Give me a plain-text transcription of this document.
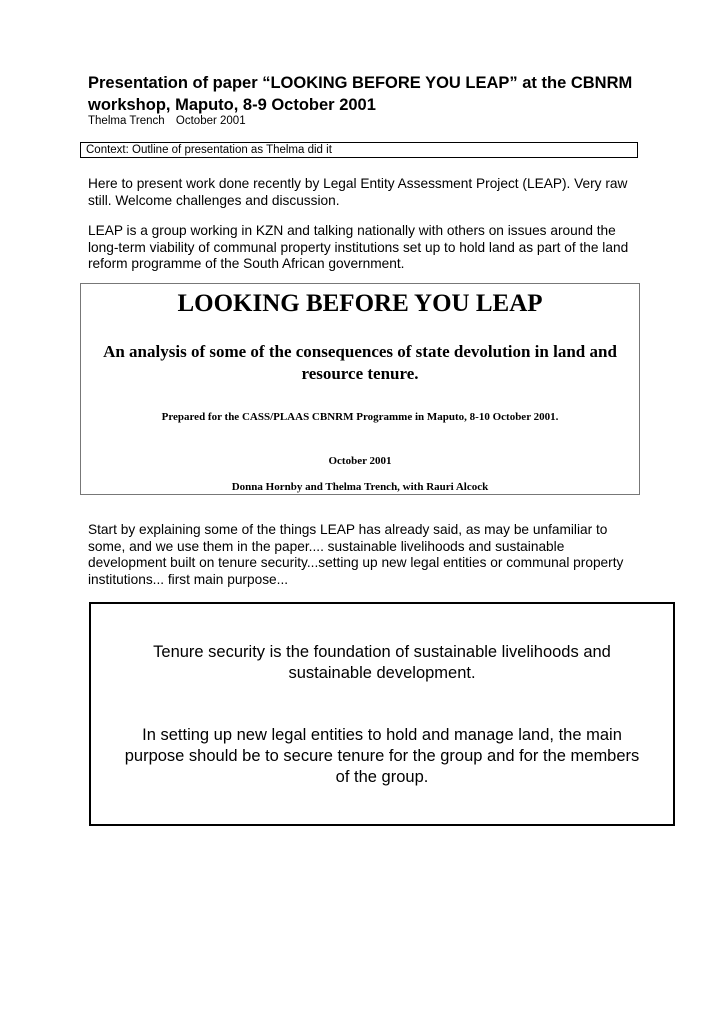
Presentation of paper “LOOKING BEFORE YOU LEAP” at the CBNRM workshop, Maputo, 8-9 October 2001
Thelma Trench October 2001
Context: Outline of presentation as Thelma did it
Here to present work done recently by Legal Entity Assessment Project (LEAP). Very raw still. Welcome challenges and discussion.
LEAP is a group working in KZN and talking nationally with others on issues around the long-term viability of communal property institutions set up to hold land as part of the land reform programme of the South African government.
LOOKING BEFORE YOU LEAP
An analysis of some of the consequences of state devolution in land and resource tenure.
Prepared for the CASS/PLAAS CBNRM Programme in Maputo, 8-10 October 2001.
October 2001
Donna Hornby and Thelma Trench, with Rauri Alcock
Start by explaining some of the things LEAP has already said, as may be unfamiliar to some, and we use them in the paper.... sustainable livelihoods and sustainable development built on tenure security...setting up new legal entities or communal property institutions... first main purpose...
Tenure security is the foundation of sustainable livelihoods and sustainable development.
In setting up new legal entities to hold and manage land, the main purpose should be to secure tenure for the group and for the members of the group.
